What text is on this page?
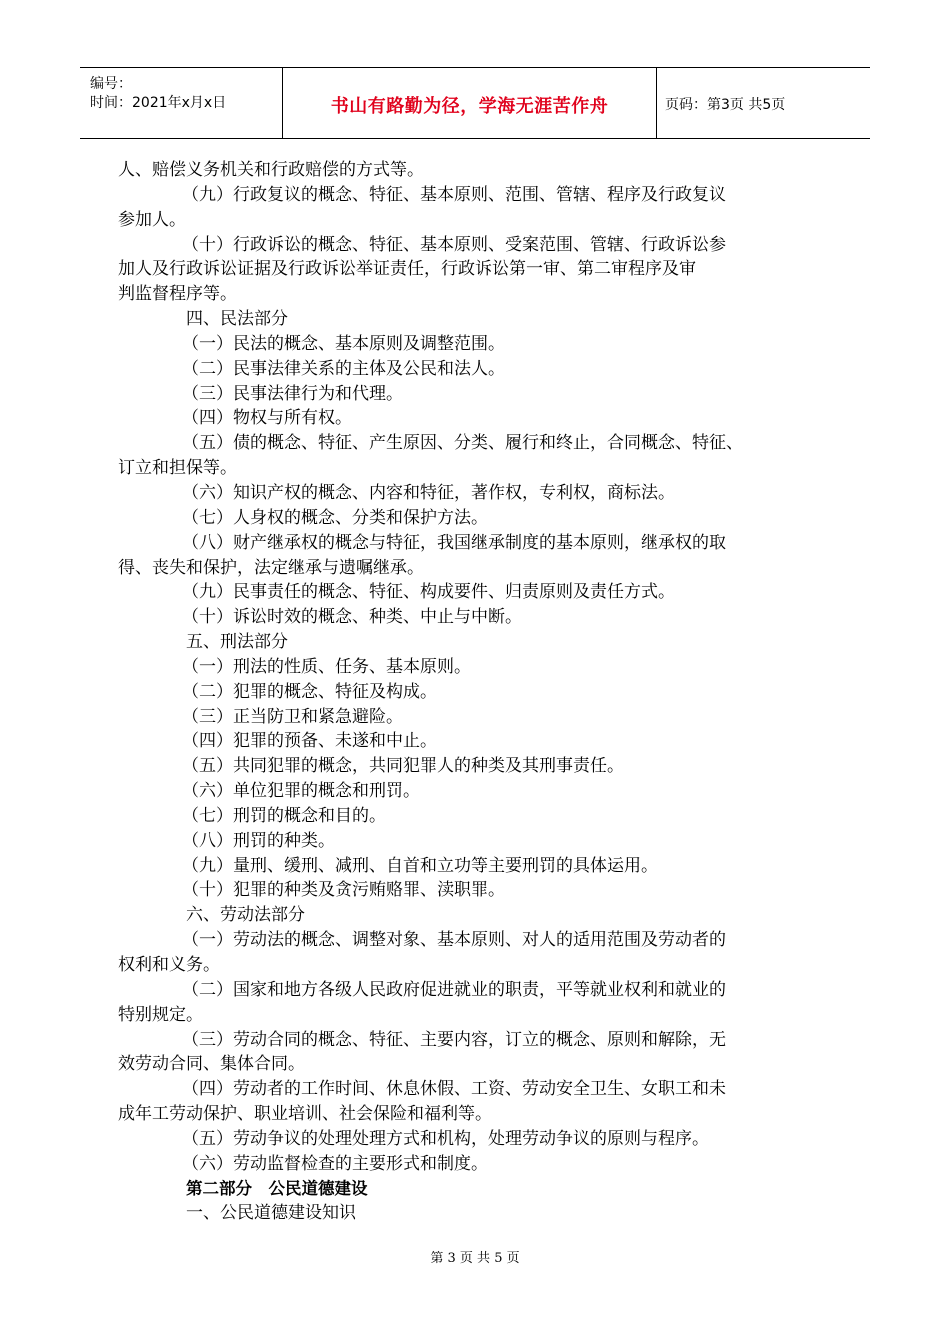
编号：
时间：2021年x月x日	书山有路勤为径，学海无涯苦作舟	页码：第3页 共5页
人、赔偿义务机关和行政赔偿的方式等。
（九）行政复议的概念、特征、基本原则、范围、管辖、程序及行政复议
参加人。
（十）行政诉讼的概念、特征、基本原则、受案范围、管辖、行政诉讼参
加人及行政诉讼证据及行政诉讼举证责任，行政诉讼第一审、第二审程序及审
判监督程序等。
四、民法部分
（一）民法的概念、基本原则及调整范围。
（二）民事法律关系的主体及公民和法人。
（三）民事法律行为和代理。
（四）物权与所有权。
（五）债的概念、特征、产生原因、分类、履行和终止，合同概念、特征、
订立和担保等。
（六）知识产权的概念、内容和特征，著作权，专利权，商标法。
（七）人身权的概念、分类和保护方法。
（八）财产继承权的概念与特征，我国继承制度的基本原则，继承权的取
得、丧失和保护，法定继承与遗嘱继承。
（九）民事责任的概念、特征、构成要件、归责原则及责任方式。
（十）诉讼时效的概念、种类、中止与中断。
五、刑法部分
（一）刑法的性质、任务、基本原则。
（二）犯罪的概念、特征及构成。
（三）正当防卫和紧急避险。
（四）犯罪的预备、未遂和中止。
（五）共同犯罪的概念，共同犯罪人的种类及其刑事责任。
（六）单位犯罪的概念和刑罚。
（七）刑罚的概念和目的。
（八）刑罚的种类。
（九）量刑、缓刑、减刑、自首和立功等主要刑罚的具体运用。
（十）犯罪的种类及贪污贿赂罪、渎职罪。
六、劳动法部分
（一）劳动法的概念、调整对象、基本原则、对人的适用范围及劳动者的
权利和义务。
（二）国家和地方各级人民政府促进就业的职责，平等就业权利和就业的
特别规定。
（三）劳动合同的概念、特征、主要内容，订立的概念、原则和解除，无
效劳动合同、集体合同。
（四）劳动者的工作时间、休息休假、工资、劳动安全卫生、女职工和未
成年工劳动保护、职业培训、社会保险和福利等。
（五）劳动争议的处理处理方式和机构，处理劳动争议的原则与程序。
（六）劳动监督检查的主要形式和制度。
第二部分　公民道德建设
一、公民道德建设知识
第 3 页 共 5 页
